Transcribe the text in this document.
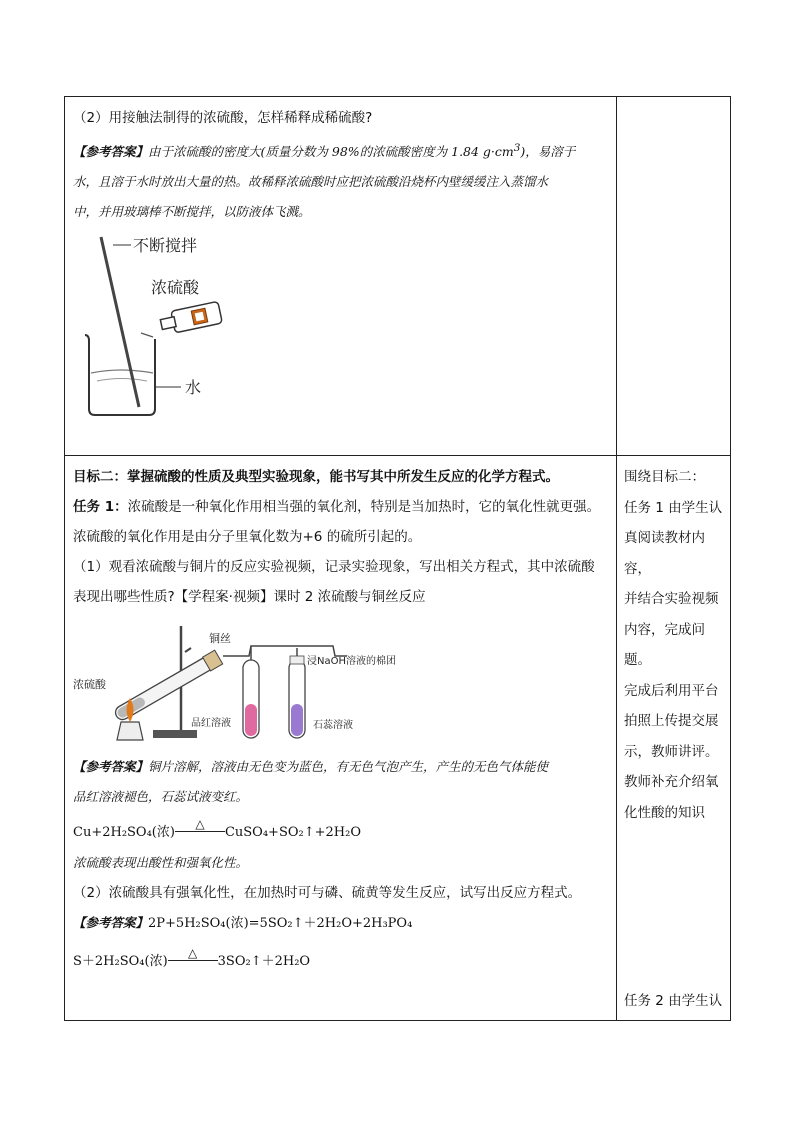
（2）用接触法制得的浓硫酸，怎样稀释成稀硫酸?

【参考答案】由于浓硫酸的密度大(质量分数为 98%的浓硫酸密度为 1.84 $g\cdot cm^3$)，易溶于

水，且溶于水时放出大量的热。故稀释浓硫酸时应把浓硫酸沿烧杯内壁缓缓注入蒸馏水

中，并用玻璃棒不断搅拌，以防液体飞溅。

不断搅拌
浓硫酸
水

目标二：掌握硫酸的性质及典型实验现象，能书写其中所发生反应的化学方程式。

任务 1：浓硫酸是一种氧化作用相当强的氧化剂，特别是当加热时，它的氧化性就更强。

浓硫酸的氧化作用是由分子里氧化数为+6 的硫所引起的。

（1）观看浓硫酸与铜片的反应实验视频，记录实验现象，写出相关方程式，其中浓硫酸

表现出哪些性质?【学程案·视频】课时 2 浓硫酸与铜丝反应

铜丝
浸NaOH溶液的棉团
浓硫酸
品红溶液	石蕊溶液

【参考答案】铜片溶解，溶液由无色变为蓝色，有无色气泡产生，产生的无色气体能使

品红溶液褪色，石蕊试液变红。

Cu+2H₂SO₄(浓)△CuSO₄+SO₂↑+2H₂O

浓硫酸表现出酸性和强氧化性。

（2）浓硫酸具有强氧化性，在加热时可与磷、硫黄等发生反应，试写出反应方程式。

【参考答案】2P+5H₂SO₄(浓)=5SO₂↑＋2H₂O+2H₃PO₄

S＋2H₂SO₄(浓)△3SO₂↑＋2H₂O

围绕目标二：

任务 1 由学生认

真阅读教材内容，

并结合实验视频

内容，完成问题。

完成后利用平台

拍照上传提交展

示，教师讲评。

教师补充介绍氧

化性酸的知识

任务 2 由学生认
